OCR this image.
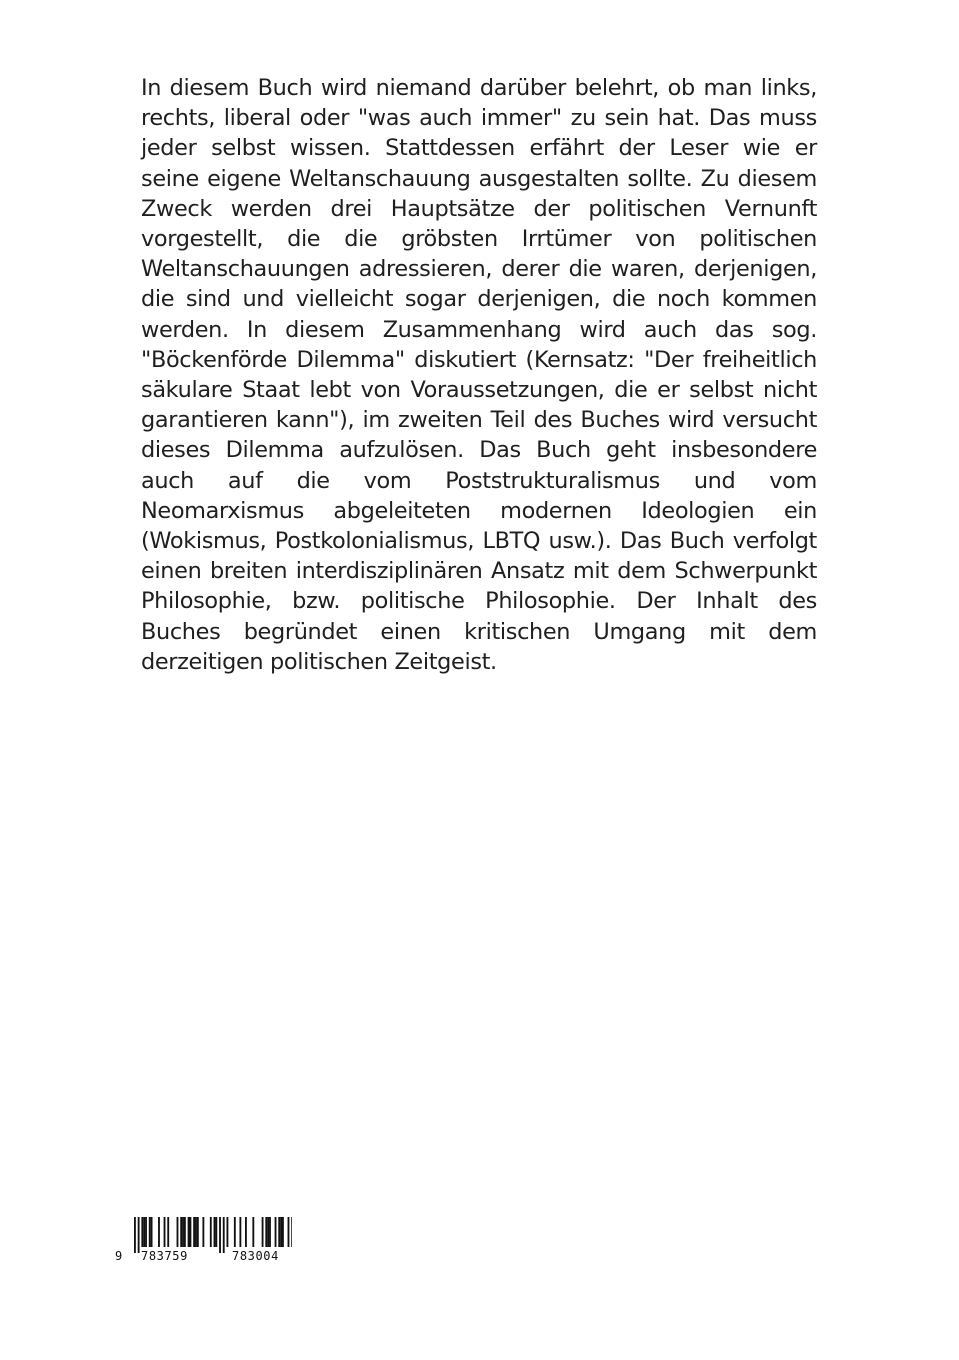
In diesem Buch wird niemand darüber belehrt, ob man links, rechts, liberal oder "was auch immer" zu sein hat. Das muss jeder selbst wissen. Stattdessen erfährt der Leser wie er seine eigene Weltanschauung ausgestalten sollte. Zu diesem Zweck werden drei Hauptsätze der politischen Vernunft vorgestellt, die die gröbsten Irrtümer von politischen Weltanschauungen adressieren, derer die waren, derjenigen, die sind und vielleicht sogar derjenigen, die noch kommen werden. In diesem Zusammenhang wird auch das sog. "Böckenförde Dilemma" diskutiert (Kernsatz: "Der freiheitlich säkulare Staat lebt von Voraussetzungen, die er selbst nicht garantieren kann"), im zweiten Teil des Buches wird versucht dieses Dilemma aufzulösen. Das Buch geht insbesondere auch auf die vom Poststrukturalismus und vom Neomarxismus abgeleiteten modernen Ideologien ein (Wokismus, Postkolonialismus, LBTQ usw.). Das Buch verfolgt einen breiten interdisziplinären Ansatz mit dem Schwerpunkt Philosophie, bzw. politische Philosophie. Der Inhalt des Buches begründet einen kritischen Umgang mit dem derzeitigen politischen Zeitgeist.

9 783759	783004
